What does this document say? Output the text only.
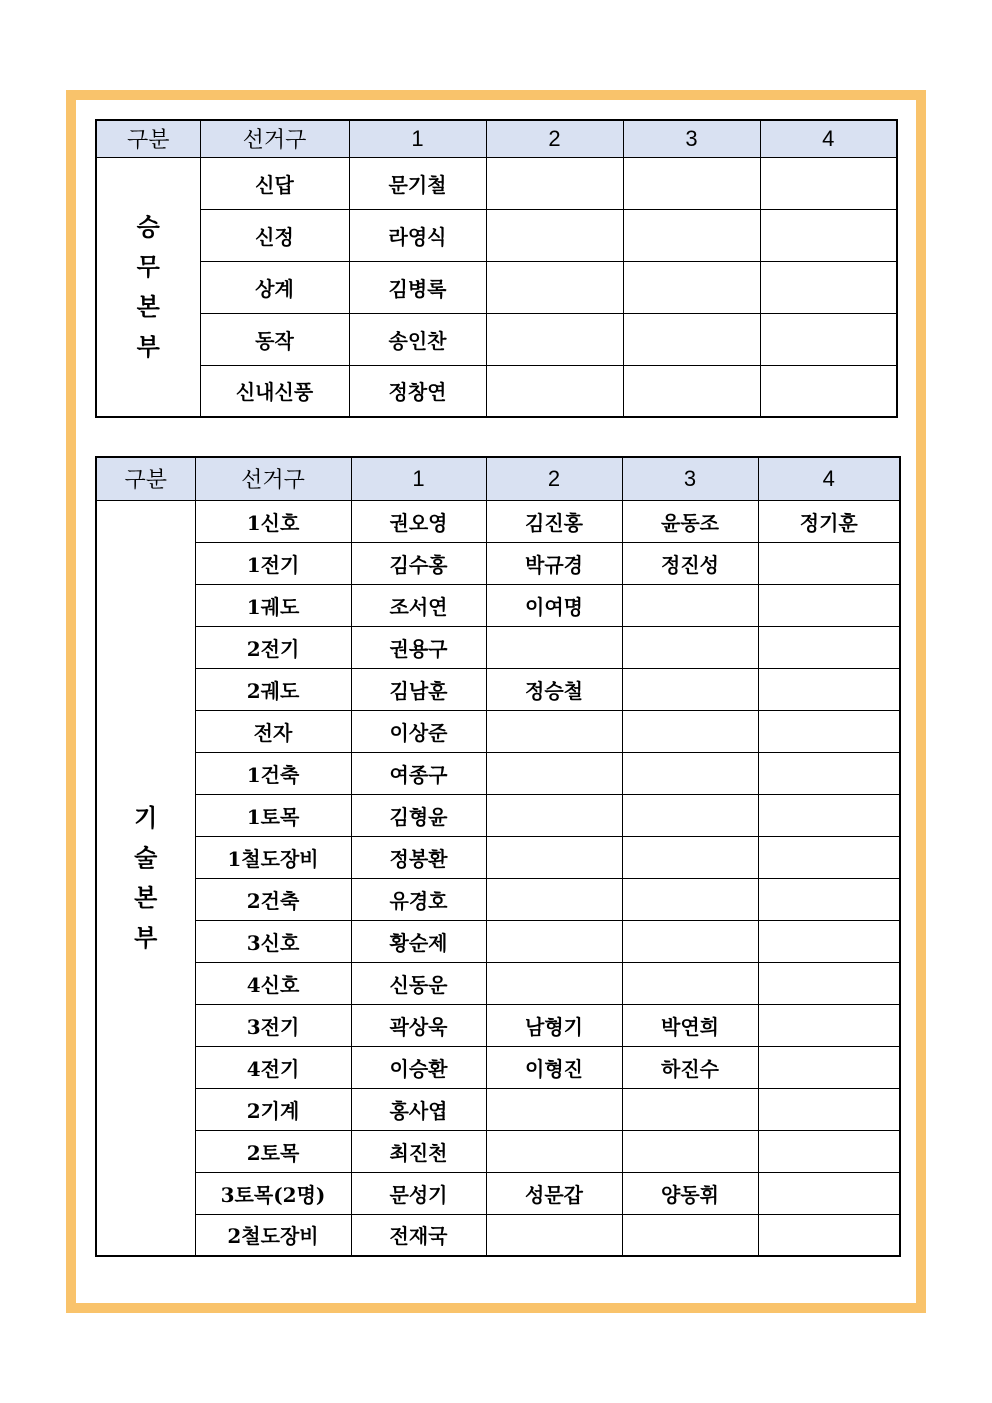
구분	선거구	1	2	3	4

승
무
본
부	신답	문기철			
	신정	라영식			
	상계	김병록			
	동작	송인찬			
	신내신풍	정창연			
구분	선거구	1	2	3	4

기
술
본
부	1신호	권오영	김진홍	윤동조	정기훈
	1전기	김수홍	박규경	정진성	
	1궤도	조서연	이여명		
	2전기	권용구			
	2궤도	김남훈	정승철		
	전자	이상준			
	1건축	여종구			
	1토목	김형윤			
	1철도장비	정봉환			
	2건축	유경호			
	3신호	황순제			
	4신호	신동운			
	3전기	곽상욱	남형기	박연희	
	4전기	이승환	이형진	하진수	
	2기계	홍사엽			
	2토목	최진천			
	3토목(2명)	문성기	성문갑	양동휘	
	2철도장비	전재국			
